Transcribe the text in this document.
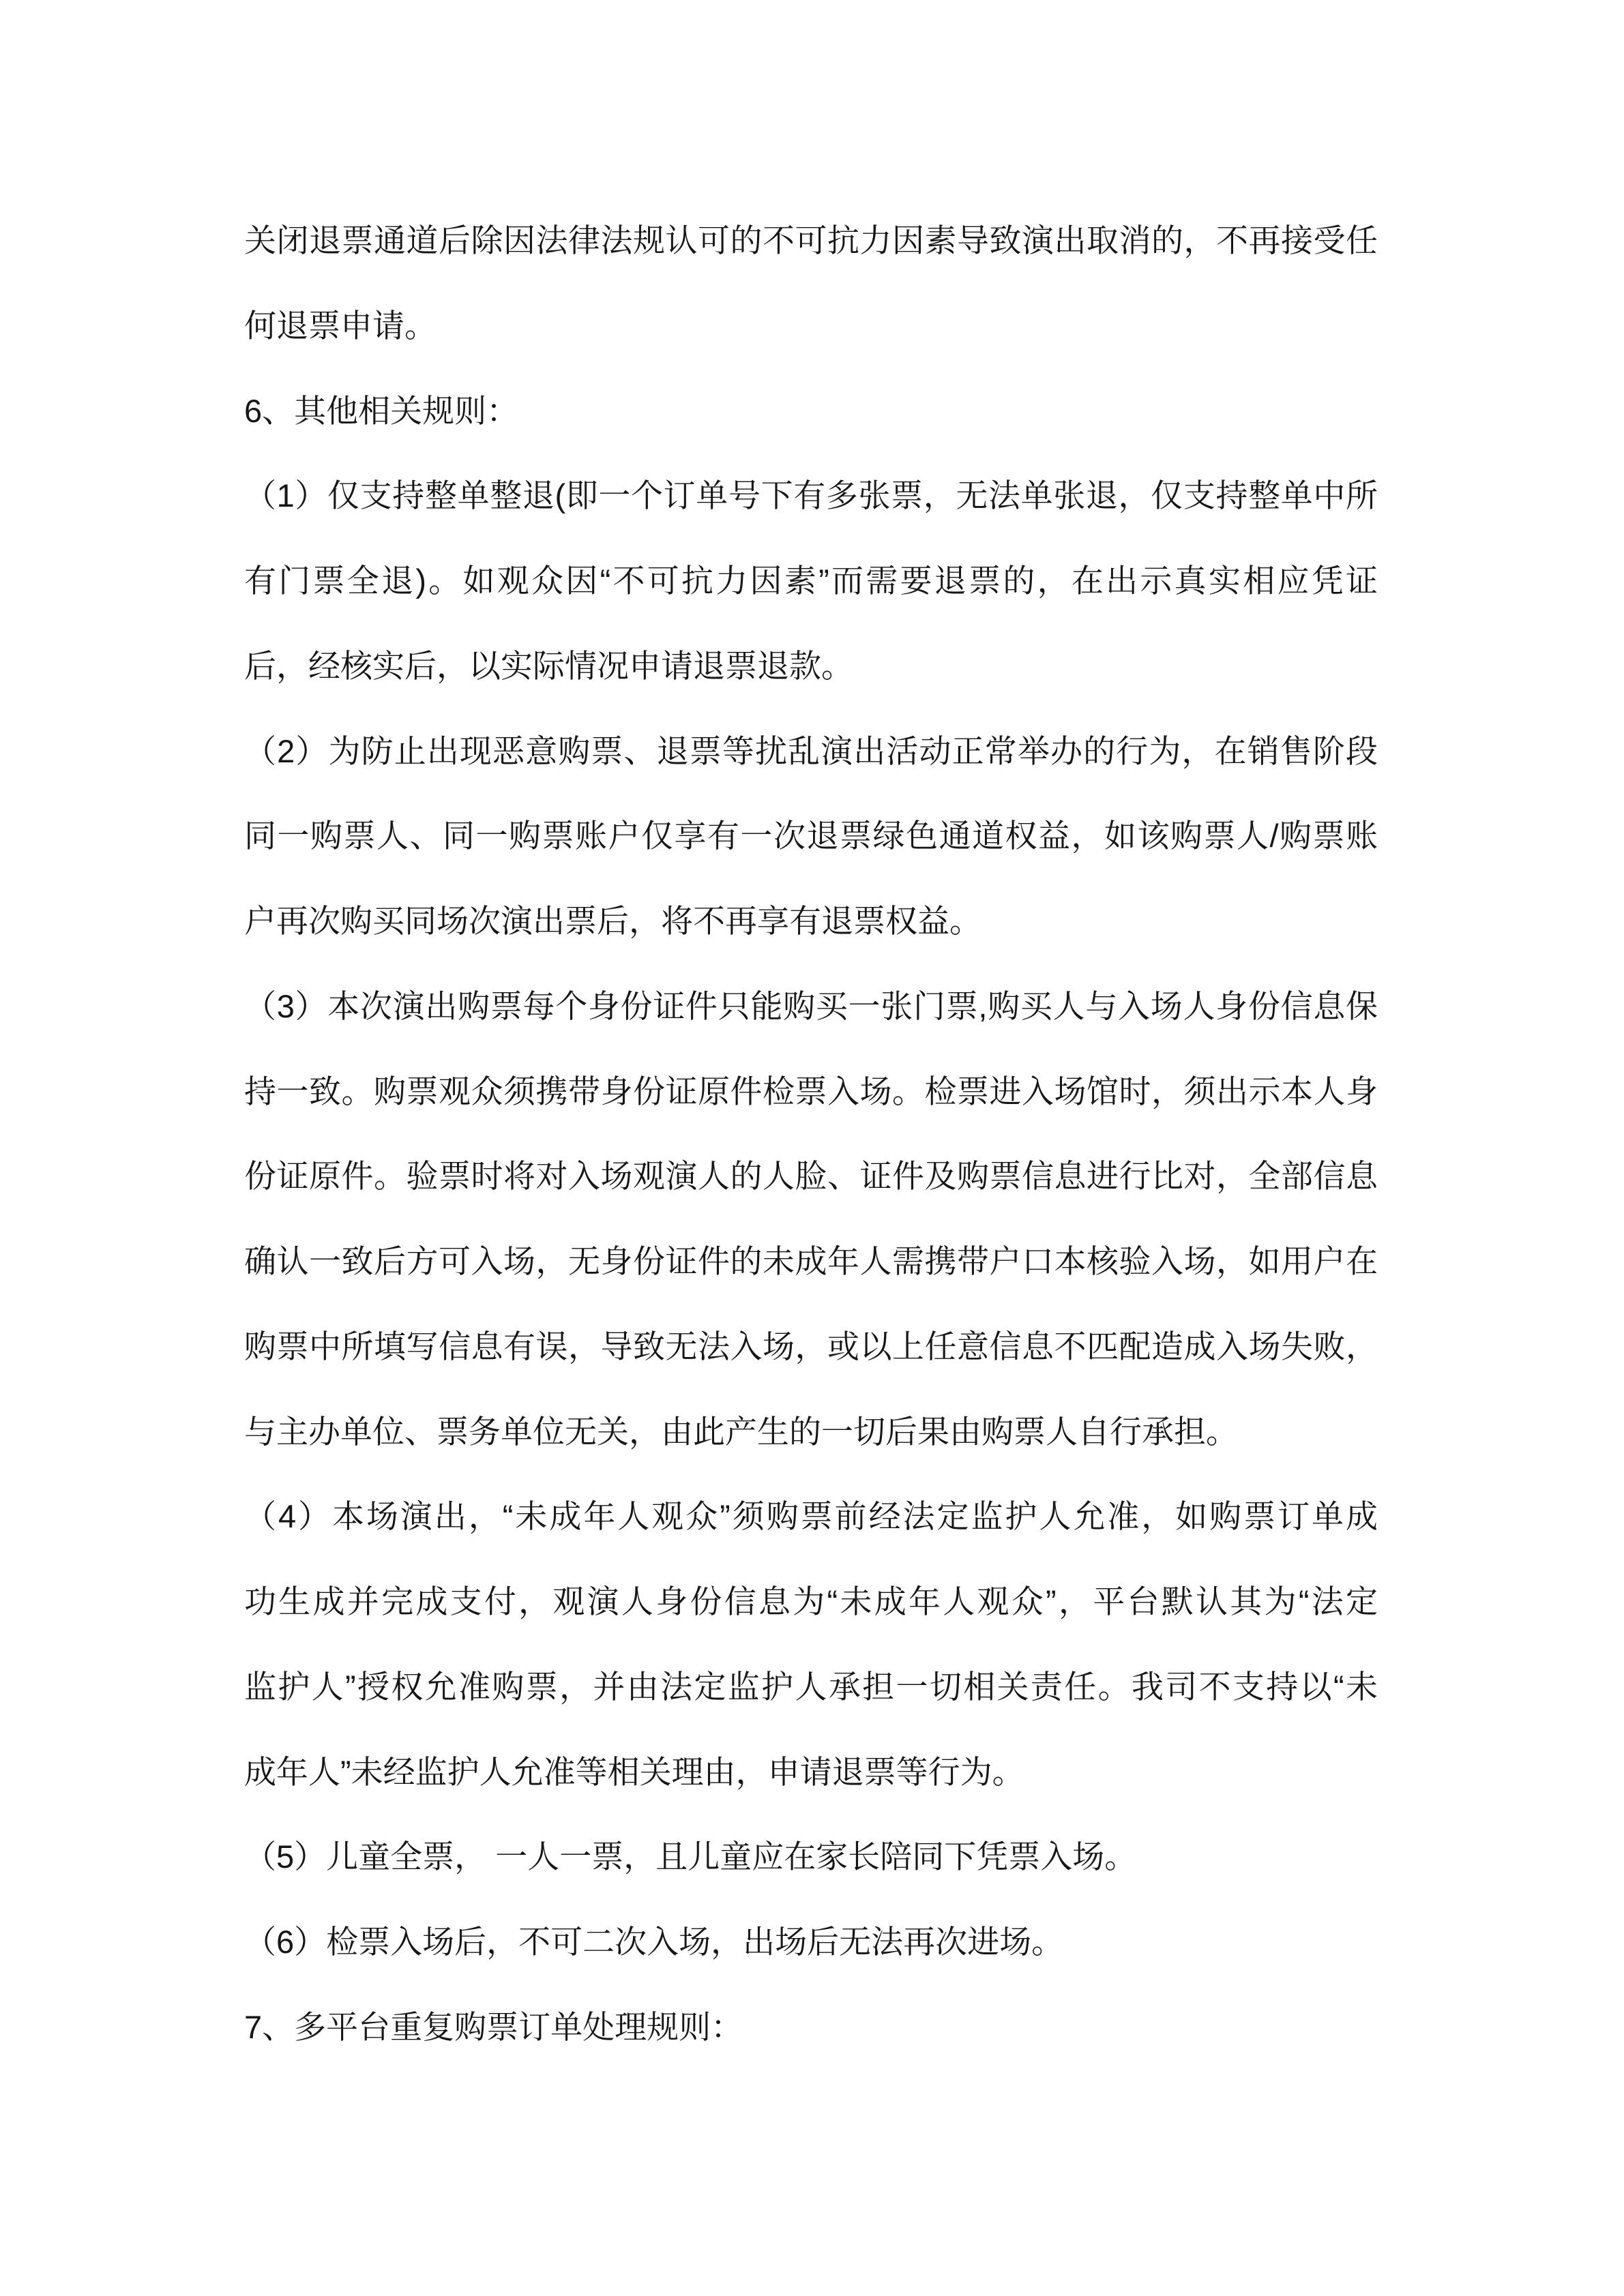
关闭退票通道后除因法律法规认可的不可抗力因素导致演出取消的，不再接受任
何退票申请。
6、其他相关规则：
（1）仅支持整单整退(即一个订单号下有多张票，无法单张退，仅支持整单中所
有门票全退)。如观众因“不可抗力因素”而需要退票的，在出示真实相应凭证
后，经核实后，以实际情况申请退票退款。
（2）为防止出现恶意购票、退票等扰乱演出活动正常举办的行为，在销售阶段
同一购票人、同一购票账户仅享有一次退票绿色通道权益，如该购票人/购票账
户再次购买同场次演出票后，将不再享有退票权益。
（3）本次演出购票每个身份证件只能购买一张门票,购买人与入场人身份信息保
持一致。购票观众须携带身份证原件检票入场。检票进入场馆时，须出示本人身
份证原件。验票时将对入场观演人的人脸、证件及购票信息进行比对，全部信息
确认一致后方可入场，无身份证件的未成年人需携带户口本核验入场，如用户在
购票中所填写信息有误，导致无法入场，或以上任意信息不匹配造成入场失败，
与主办单位、票务单位无关，由此产生的一切后果由购票人自行承担。
（4）本场演出，“未成年人观众”须购票前经法定监护人允准，如购票订单成
功生成并完成支付，观演人身份信息为“未成年人观众”，平台默认其为“法定
监护人”授权允准购票，并由法定监护人承担一切相关责任。我司不支持以“未
成年人”未经监护人允准等相关理由，申请退票等行为。
（5）儿童全票， 一人一票，且儿童应在家长陪同下凭票入场。
（6）检票入场后，不可二次入场，出场后无法再次进场。
7、多平台重复购票订单处理规则：
